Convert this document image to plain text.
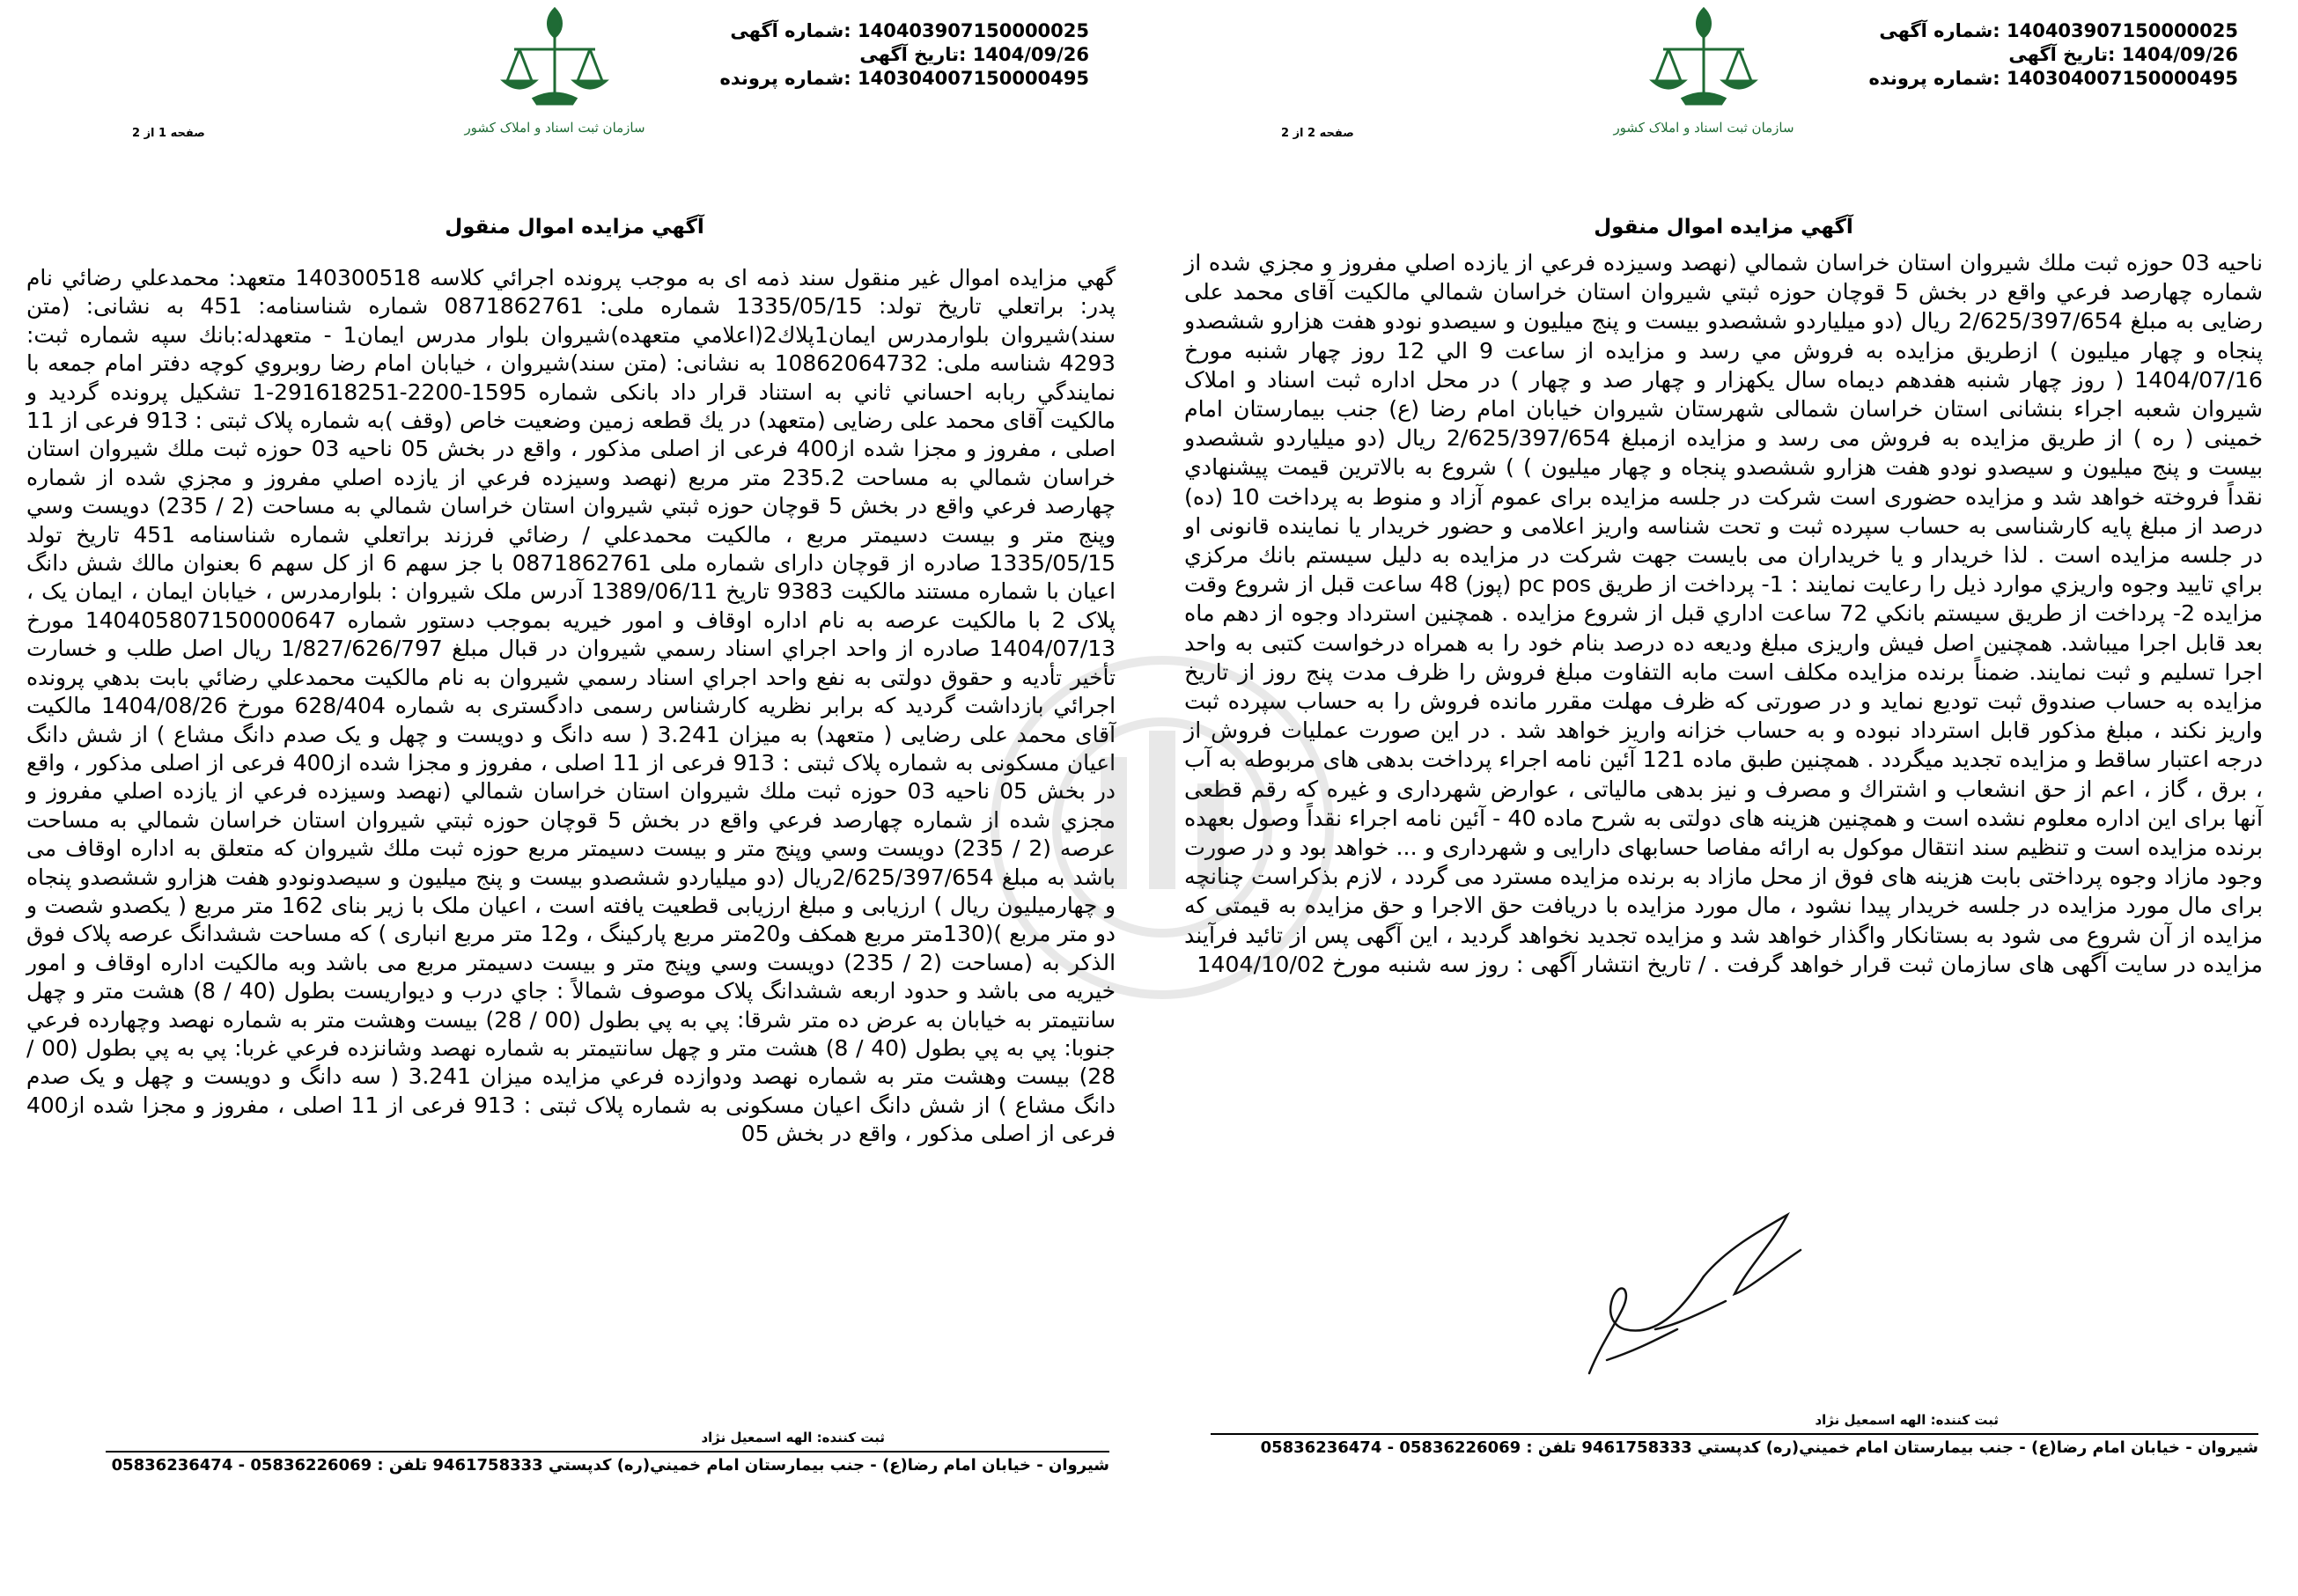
شماره آگهی: 140403907150000025
تاریخ آگهی: 1404/09/26
شماره پرونده: 140304007150000495
سازمان ثبت اسناد و املاک کشور
صفحه 1 از 2
آگهي مزايده اموال منقول

گهي مزايده اموال غير منقول سند ذمه اى به موجب پرونده اجرائي كلاسه 140300518 متعهد: محمدعلي رضائي نام پدر: براتعلي تاريخ تولد: 1335/05/15 شماره ملى: 0871862761 شماره شناسنامه: 451 به نشانى: (متن سند)شيروان بلوارمدرس ايمان1پلاك2(اعلامي متعهده)شيروان بلوار مدرس ايمان1 - متعهدله:بانك سپه شماره ثبت: 4293 شناسه ملى: 10862064732 به نشانى: (متن سند)شيروان ، خيابان امام رضا روبروي كوچه دفتر امام جمعه با نمايندگي ربابه احساني ثاني به استناد قرار داد بانكى شماره 1595-2200-291618251-1 تشكيل پرونده گرديد و مالكيت آقاى محمد على رضايى (متعهد) در يك قطعه زمين وضعيت خاص (وقف )به شماره پلاک ثبتی : 913 فرعی از 11 اصلی ، مفروز و مجزا شده از400 فرعی از اصلی مذکور ، واقع در بخش 05 ناحيه 03 حوزه ثبت ملك شيروان استان خراسان شمالي به مساحت 235.2 متر مربع (نهصد وسيزده فرعي از يازده اصلي مفروز و مجزي شده از شماره چهارصد فرعي واقع در بخش 5 قوچان حوزه ثبتي شيروان استان خراسان شمالي به مساحت (2 / 235) دويست وسي وپنج متر و بيست دسيمتر مربع ، مالكيت محمدعلي / رضائي فرزند براتعلي شماره شناسنامه 451 تاريخ تولد 1335/05/15 صادره از قوچان داراى شماره ملى 0871862761 با جز سهم 6 از كل سهم 6 بعنوان مالك شش دانگ اعيان با شماره مستند مالكيت 9383 تاريخ 1389/06/11 آدرس ملک شيروان : بلوارمدرس ، خيابان ايمان ، ايمان يک ، پلاک 2 با مالکيت عرصه به نام اداره اوقاف و امور خيريه بموجب دستور شماره 140405807150000647 مورخ 1404/07/13 صادره از واحد اجراي اسناد رسمي شيروان در قبال مبلغ 1/827/626/797 ريال اصل طلب و خسارت تأخير تأديه و حقوق دولتی به نفع واحد اجراي اسناد رسمي شيروان به نام مالکيت محمدعلي رضائي بابت بدهي پرونده اجرائي بازداشت گرديد كه برابر نظريه كارشناس رسمى دادگسترى به شماره 628/404 مورخ 1404/08/26 مالكيت آقاى محمد على رضايى ( متعهد) به ميزان 3.241 ( سه دانگ و دويست و چهل و يک صدم دانگ مشاع ) از شش دانگ اعيان مسكونى به شماره پلاک ثبتی : 913 فرعی از 11 اصلی ، مفروز و مجزا شده از400 فرعی از اصلی مذکور ، واقع در بخش 05 ناحيه 03 حوزه ثبت ملك شيروان استان خراسان شمالي (نهصد وسيزده فرعي از يازده اصلي مفروز و مجزي شده از شماره چهارصد فرعي واقع در بخش 5 قوچان حوزه ثبتي شيروان استان خراسان شمالي به مساحت عرصه (2 / 235) دويست وسي وپنج متر و بيست دسيمتر مربع حوزه ثبت ملك شيروان كه متعلق به اداره اوقاف مى باشد به مبلغ 2/625/397/654ريال (دو ميلياردو ششصدو بيست و پنج ميليون و سيصدونودو هفت هزارو ششصدو پنجاه و چهارميليون ريال ) ارزيابى و مبلغ ارزيابى قطعيت يافته است ، اعيان ملک با زير بناى 162 متر مربع ( يكصدو شصت و دو متر مربع )(130متر مربع همكف و20متر مربع پاركينگ ، و12 متر مربع انبارى ) كه مساحت ششدانگ عرصه پلاک فوق الذكر به (مساحت (2 / 235) دويست وسي وپنج متر و بيست دسيمتر مربع مى باشد وبه مالكيت اداره اوقاف و امور خيريه مى باشد و حدود اربعه ششدانگ پلاک موصوف شمالاً : جاي درب و ديواريست بطول (40 / 8) هشت متر و چهل سانتيمتر به خيابان به عرض ده متر شرقا: پي به پي بطول (00 / 28) بيست وهشت متر به شماره نهصد وچهارده فرعي جنوبا: پي به پي بطول (40 / 8) هشت متر و چهل سانتيمتر به شماره نهصد وشانزده فرعي غربا: پي به پي بطول (00 / 28) بيست وهشت متر به شماره نهصد ودوازده فرعي مزايده ميزان 3.241 ( سه دانگ و دويست و چهل و يک صدم دانگ مشاع ) از شش دانگ اعيان مسكونى به شماره پلاک ثبتی : 913 فرعی از 11 اصلی ، مفروز و مجزا شده از400 فرعی از اصلی مذکور ، واقع در بخش 05

ثبت كننده: الهه اسمعيل نژاد
شيروان - خيابان امام رضا(ع) - جنب بيمارستان امام خميني(ره) كدپستي 9461758333 تلفن : 05836226069 - 05836236474
شماره آگهی: 140403907150000025
تاریخ آگهی: 1404/09/26
شماره پرونده: 140304007150000495
سازمان ثبت اسناد و املاک کشور
صفحه 2 از 2
آگهي مزايده اموال منقول

ناحيه 03 حوزه ثبت ملك شيروان استان خراسان شمالي (نهصد وسيزده فرعي از يازده اصلي مفروز و مجزي شده از شماره چهارصد فرعي واقع در بخش 5 قوچان حوزه ثبتي شيروان استان خراسان شمالي مالكيت آقاى محمد على رضايى به مبلغ 2/625/397/654 ريال (دو ميلياردو ششصدو بيست و پنج ميليون و سيصدو نودو هفت هزارو ششصدو پنجاه و چهار ميليون ) ازطريق مزايده به فروش مي رسد و مزايده از ساعت 9 الي 12 روز چهار شنبه مورخ 1404/07/16 ( روز چهار شنبه هفدهم ديماه سال يكهزار و چهار صد و چهار ) در محل اداره ثبت اسناد و املاک شيروان شعبه اجراء بنشانی استان خراسان شمالی شهرستان شيروان خيابان امام رضا (ع) جنب بيمارستان امام خمينى ( ره ) از طريق مزايده به فروش مى رسد و مزايده ازمبلغ 2/625/397/654 ريال (دو ميلياردو ششصدو بيست و پنج ميليون و سيصدو نودو هفت هزارو ششصدو پنجاه و چهار ميليون ) ) شروع به بالاترين قيمت پيشنهادي نقداً فروخته خواهد شد و مزايده حضوری است شرکت در جلسه مزايده برای عموم آزاد و منوط به پرداخت 10 (ده) درصد از مبلغ پايه كارشناسى به حساب سپرده ثبت و تحت شناسه واريز اعلامی و حضور خريدار يا نماينده قانونی او در جلسه مزايده است . لذا خريدار و يا خريداران می بايست جهت شرکت در مزايده به دليل سيستم بانك مركزي براي تاييد وجوه واريزي موارد ذيل را رعايت نمايند : 1- پرداخت از طريق pc pos (پوز) 48 ساعت قبل از شروع وقت مزايده 2- پرداخت از طريق سيستم بانكي 72 ساعت اداري قبل از شروع مزايده . همچنين استرداد وجوه از دهم ماه بعد قابل اجرا ميباشد. همچنين اصل فيش واريزی مبلغ وديعه ده درصد بنام خود را به همراه درخواست کتبی به واحد اجرا تسليم و ثبت نمايند. ضمناً برنده مزايده مکلف است مابه التفاوت مبلغ فروش را ظرف مدت پنج روز از تاريخ مزايده به حساب صندوق ثبت توديع نمايد و در صورتی كه ظرف مهلت مقرر مانده فروش را به حساب سپرده ثبت واريز نكند ، مبلغ مذكور قابل استرداد نبوده و به حساب خزانه واريز خواهد شد . در اين صورت عمليات فروش از درجه اعتبار ساقط و مزايده تجديد ميگردد . همچنين طبق ماده 121 آئين نامه اجراء پرداخت بدهی های مربوطه به آب ، برق ، گاز ، اعم از حق انشعاب و اشتراك و مصرف و نيز بدهى مالياتى ، عوارض شهردارى و غيره كه رقم قطعى آنها براى اين اداره معلوم نشده است و همچنين هزينه هاى دولتى به شرح ماده 40 - آئين نامه اجراء نقداً وصول بعهده برنده مزايده است و تنظيم سند انتقال موکول به ارائه مفاصا حسابهای دارايی و شهرداری و ... خواهد بود و در صورت وجود مازاد وجوه پرداختى بابت هزينه هاى فوق از محل مازاد به برنده مزايده مسترد مى گردد ، لازم بذکراست چنانچه برای مال مورد مزايده در جلسه خريدار پيدا نشود ، مال مورد مزايده با دريافت حق الاجرا و حق مزايده به قيمتی که مزايده از آن شروع می شود به بستانکار واگذار خواهد شد و مزايده تجديد نخواهد گرديد ، اين آگهی پس از تائيد فرآيند مزايده در سايت آگهی های سازمان ثبت قرار خواهد گرفت . / تاريخ انتشار آگهى : روز سه شنبه مورخ 1404/10/02

ثبت كننده: الهه اسمعيل نژاد
شيروان - خيابان امام رضا(ع) - جنب بيمارستان امام خميني(ره) كدپستي 9461758333 تلفن : 05836226069 - 05836236474
